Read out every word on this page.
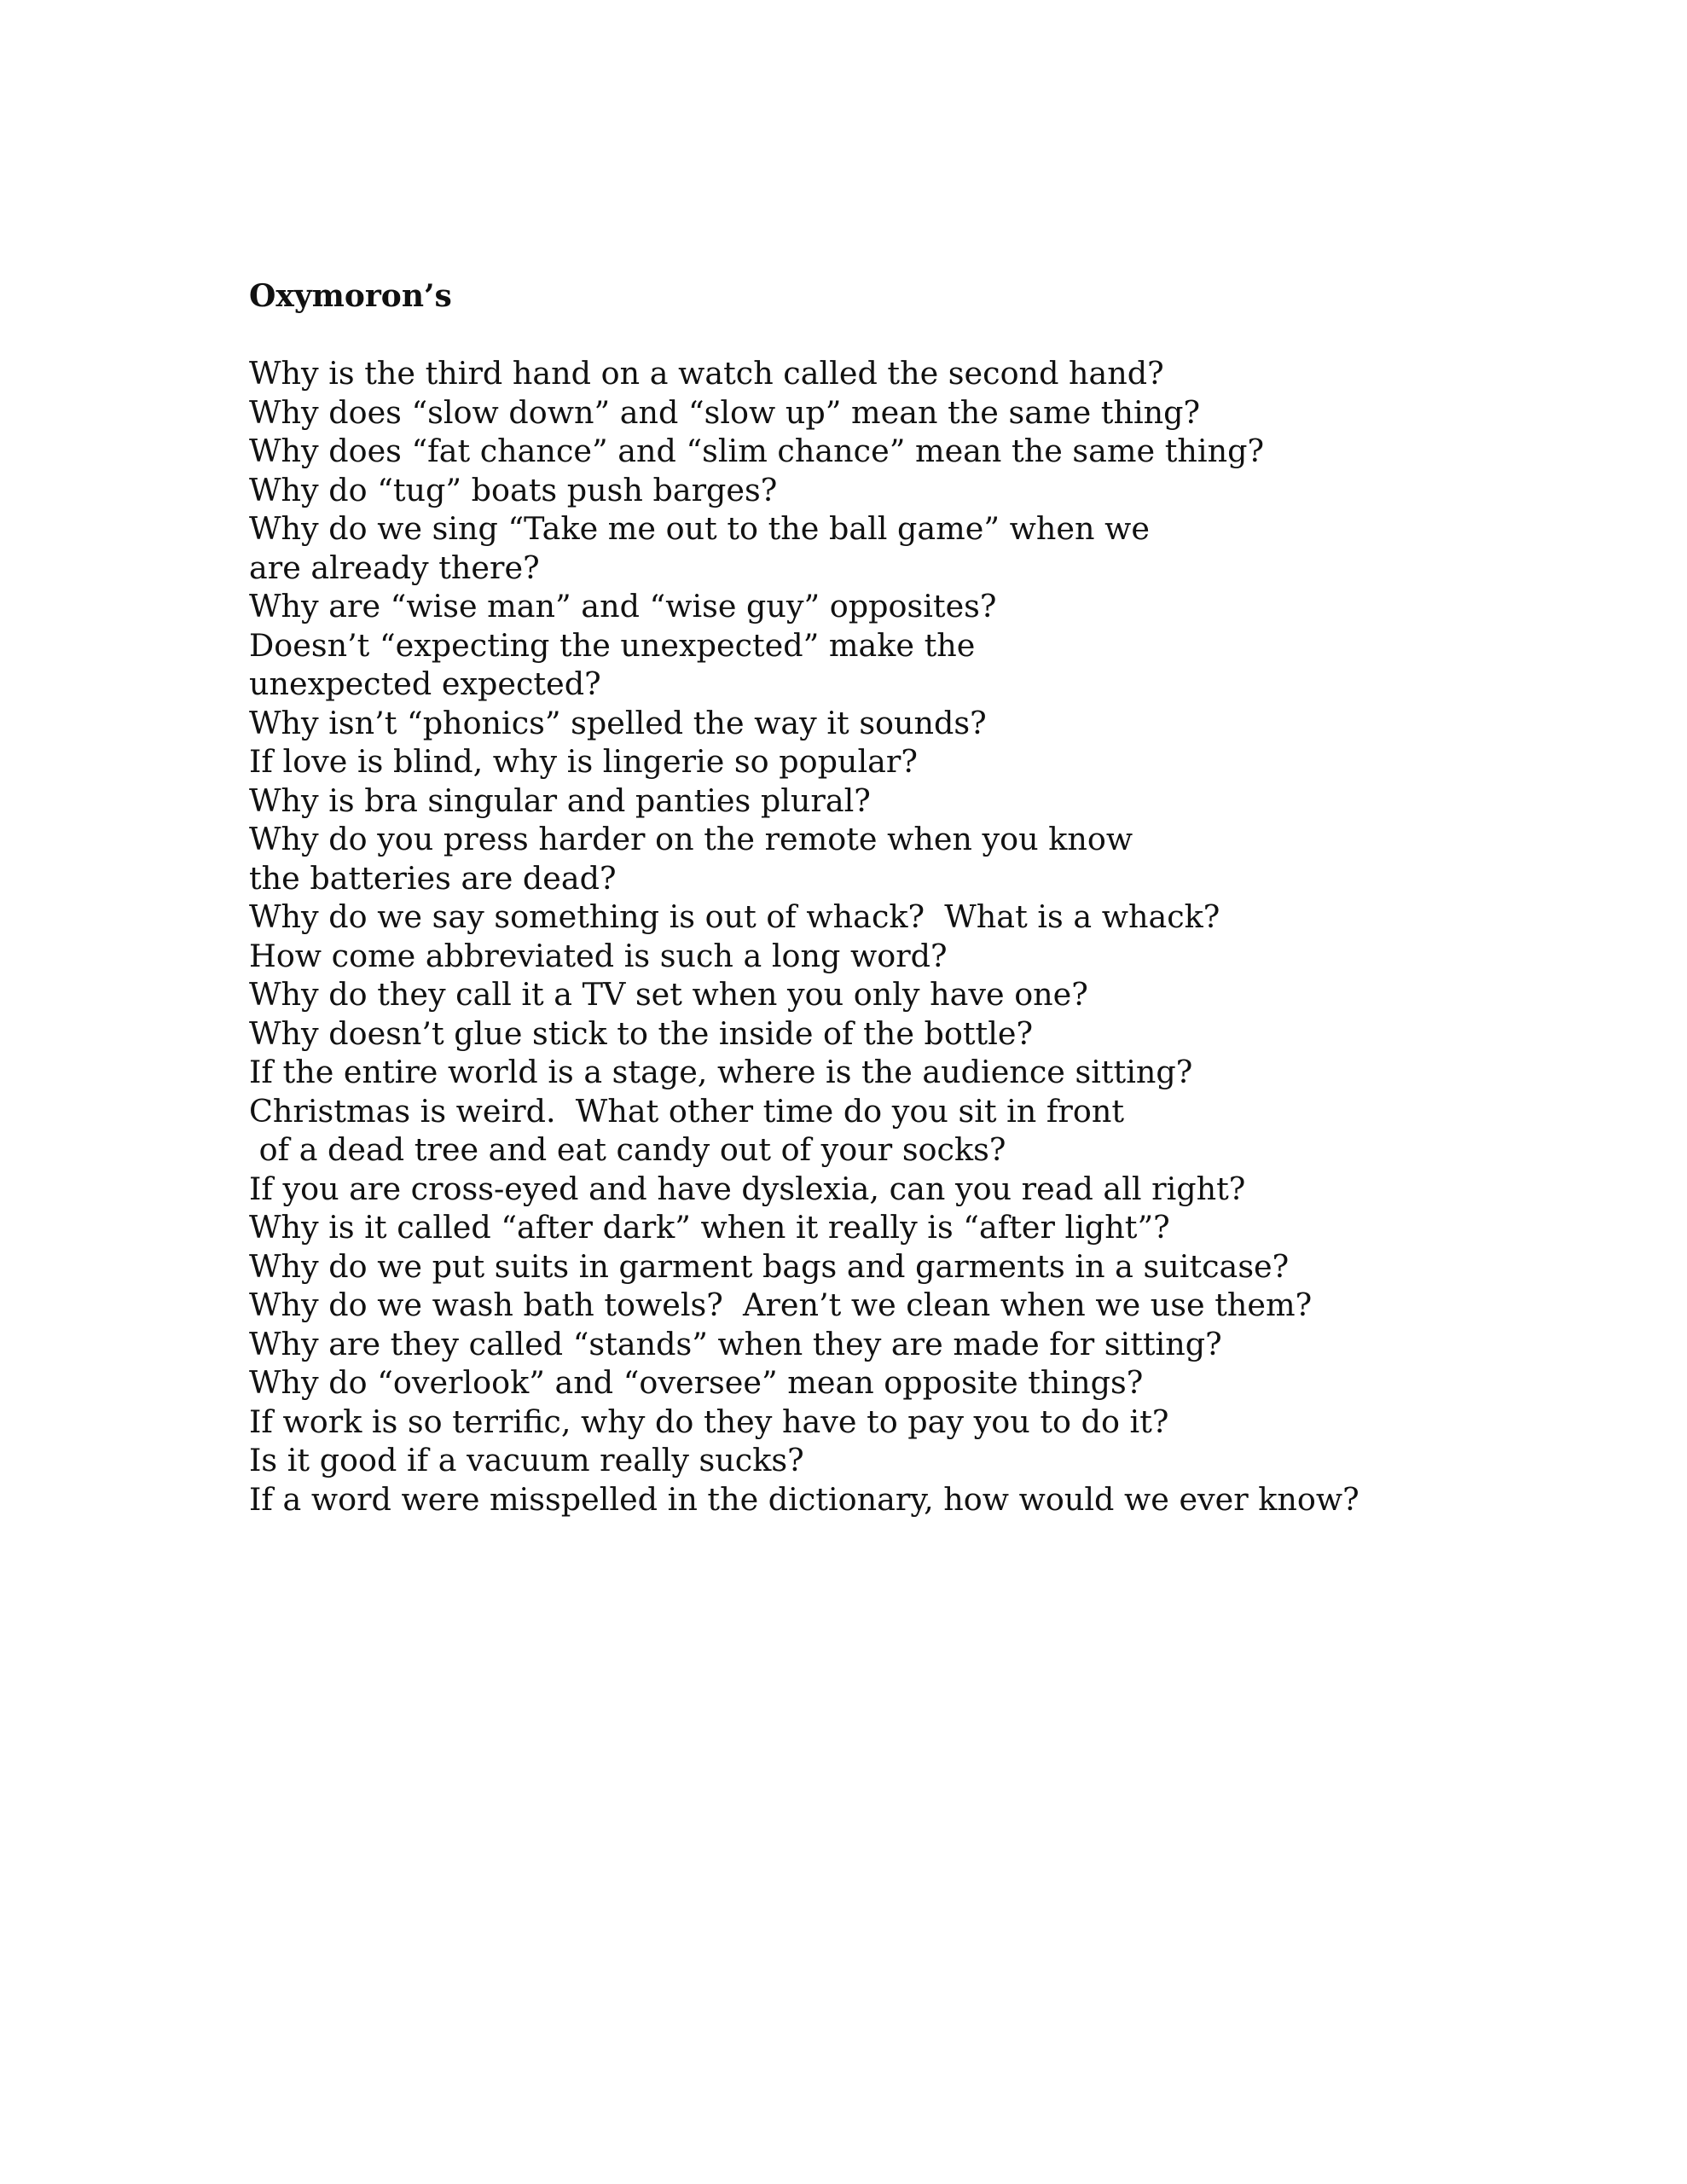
Oxymoron’s
Why is the third hand on a watch called the second hand?
Why does “slow down” and “slow up” mean the same thing?
Why does “fat chance” and “slim chance” mean the same thing?
Why do “tug” boats push barges?
Why do we sing “Take me out to the ball game” when we
are already there?
Why are “wise man” and “wise guy” opposites?
Doesn’t “expecting the unexpected” make the
unexpected expected?
Why isn’t “phonics” spelled the way it sounds?
If love is blind, why is lingerie so popular?
Why is bra singular and panties plural?
Why do you press harder on the remote when you know
the batteries are dead?
Why do we say something is out of whack?  What is a whack?
How come abbreviated is such a long word?
Why do they call it a TV set when you only have one?
Why doesn’t glue stick to the inside of the bottle?
If the entire world is a stage, where is the audience sitting?
Christmas is weird.  What other time do you sit in front
of a dead tree and eat candy out of your socks?
If you are cross-eyed and have dyslexia, can you read all right?
Why is it called “after dark” when it really is “after light”?
Why do we put suits in garment bags and garments in a suitcase?
Why do we wash bath towels?  Aren’t we clean when we use them?
Why are they called “stands” when they are made for sitting?
Why do “overlook” and “oversee” mean opposite things?
If work is so terrific, why do they have to pay you to do it?
Is it good if a vacuum really sucks?
If a word were misspelled in the dictionary, how would we ever know?
